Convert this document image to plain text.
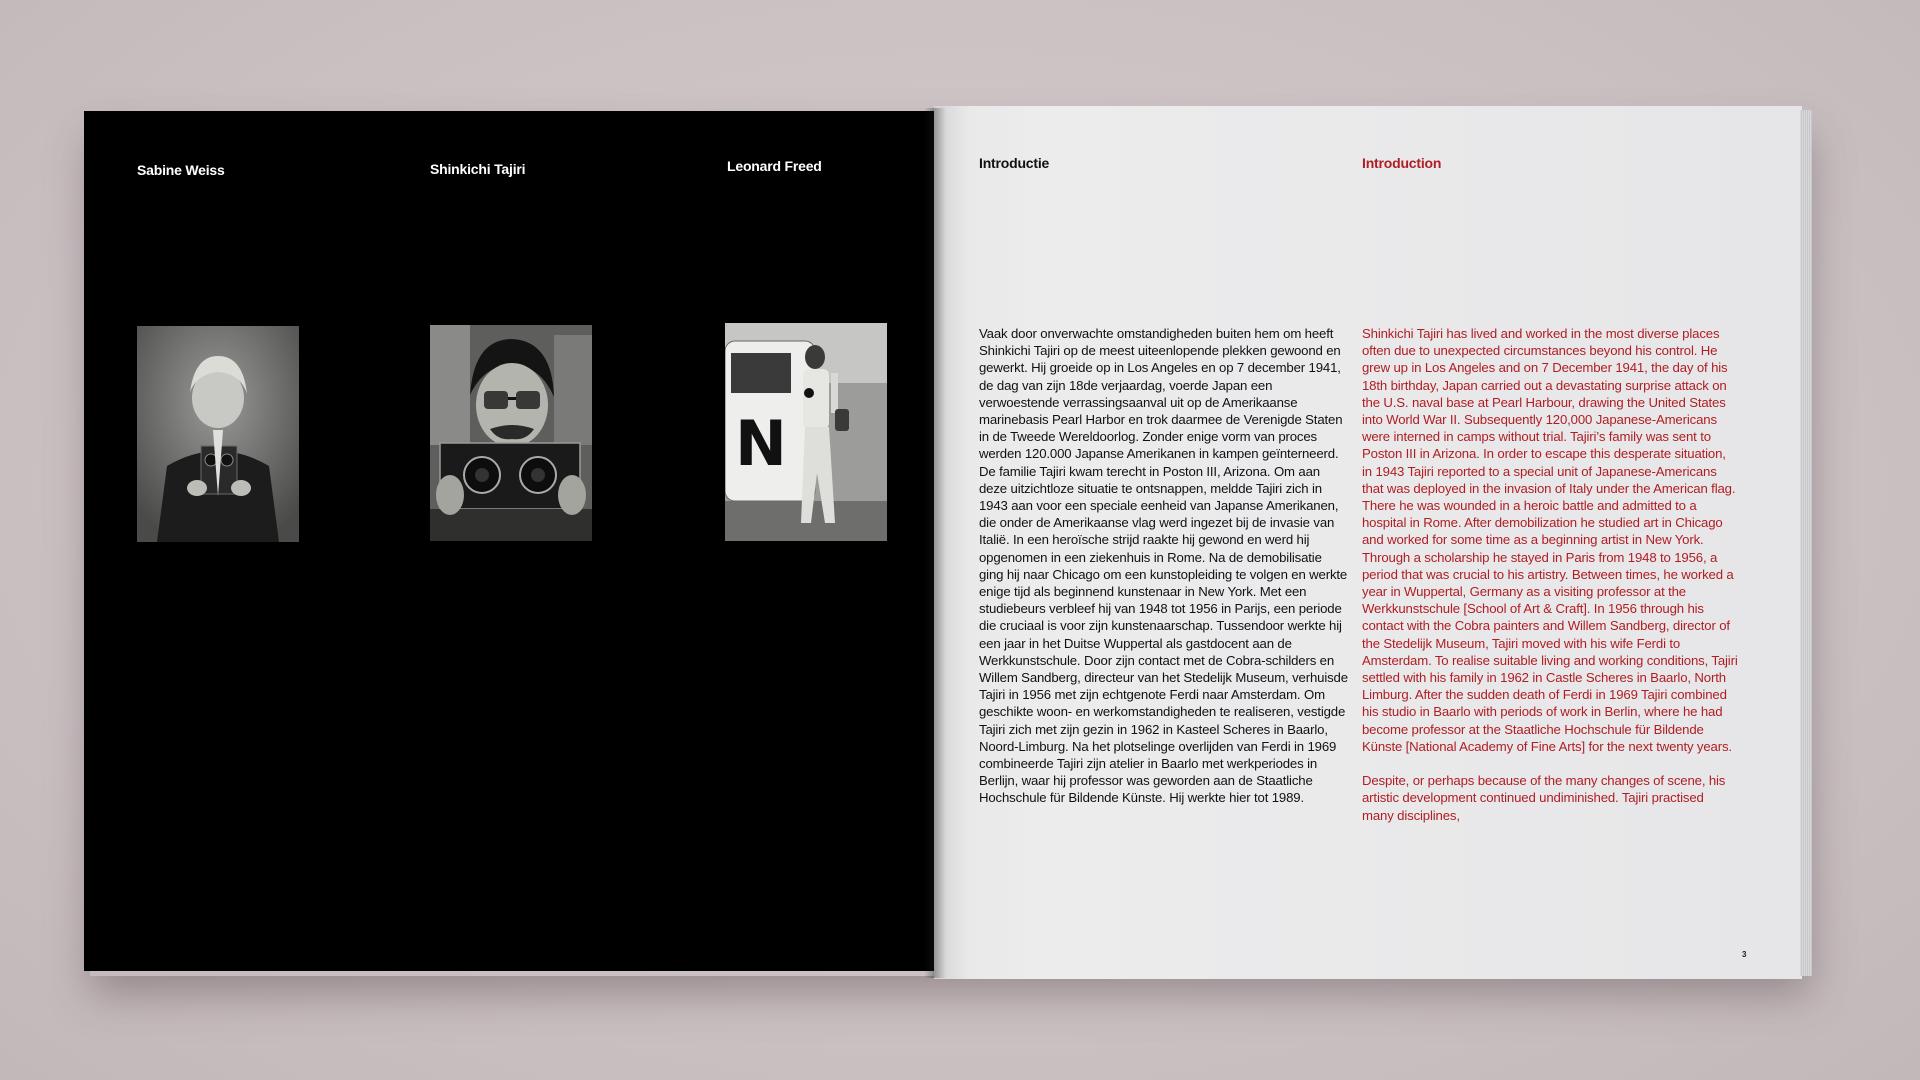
Sabine Weiss	Shinkichi Tajiri	Leonard Freed
N
Introductie	Introduction

Vaak door onverwachte omstandigheden buiten hem om heeft Shinkichi Tajiri op de meest uiteenlopende plekken gewoond en gewerkt. Hij groeide op in Los Angeles en op 7 december 1941, de dag van zijn 18de verjaardag, voerde Japan een verwoestende verrassingsaanval uit op de Amerikaanse marinebasis Pearl Harbor en trok daarmee de Verenigde Staten in de Tweede Wereldoorlog. Zonder enige vorm van proces werden 120.000 Japanse Amerikanen in kampen geïnterneerd. De familie Tajiri kwam terecht in Poston III, Arizona. Om aan deze uitzichtloze situatie te ontsnappen, meldde Tajiri zich in 1943 aan voor een speciale eenheid van Japanse Amerikanen, die onder de Amerikaanse vlag werd ingezet bij de invasie van Italië. In een heroïsche strijd raakte hij gewond en werd hij opgenomen in een ziekenhuis in Rome. Na de demobilisatie ging hij naar Chicago om een kunstopleiding te volgen en werkte enige tijd als beginnend kunstenaar in New York. Met een studiebeurs verbleef hij van 1948 tot 1956 in Parijs, een periode die cruciaal is voor zijn kunstenaarschap. Tussendoor werkte hij een jaar in het Duitse Wuppertal als gastdocent aan de Werkkunstschule. Door zijn contact met de Cobra-schilders en Willem Sandberg, directeur van het Stedelijk Museum, verhuisde Tajiri in 1956 met zijn echtgenote Ferdi naar Amsterdam. Om geschikte woon- en werkomstandigheden te realiseren, vestigde Tajiri zich met zijn gezin in 1962 in Kasteel Scheres in Baarlo, Noord-Limburg. Na het plotselinge overlijden van Ferdi in 1969 combineerde Tajiri zijn atelier in Baarlo met werkperiodes in Berlijn, waar hij professor was geworden aan de Staatliche Hochschule für Bildende Künste. Hij werkte hier tot 1989.

Shinkichi Tajiri has lived and worked in the most diverse places often due to unexpected circumstances beyond his control. He grew up in Los Angeles and on 7 December 1941, the day of his 18th birthday, Japan carried out a devastating surprise attack on the U.S. naval base at Pearl Harbour, drawing the United States into World War II. Subsequently 120,000 Japanese-Americans were interned in camps without trial. Tajiri’s family was sent to Poston III in Arizona. In order to escape this desperate situation, in 1943 Tajiri reported to a special unit of Japanese-Americans that was deployed in the invasion of Italy under the American flag. There he was wounded in a heroic battle and admitted to a hospital in Rome. After demobilization he studied art in Chicago and worked for some time as a beginning artist in New York. Through a scholarship he stayed in Paris from 1948 to 1956, a period that was crucial to his artistry. Between times, he worked a year in Wuppertal, Germany as a visiting professor at the Werkkunstschule [School of Art & Craft]. In 1956 through his contact with the Cobra painters and Willem Sandberg, director of the Stedelijk Museum, Tajiri moved with his wife Ferdi to Amsterdam. To realise suitable living and working conditions, Tajiri settled with his family in 1962 in Castle Scheres in Baarlo, North Limburg. After the sudden death of Ferdi in 1969 Tajiri combined his studio in Baarlo with periods of work in Berlin, where he had become professor at the Staatliche Hochschule für Bildende Künste [National Academy of Fine Arts] for the next twenty years.

Despite, or perhaps because of the many changes of scene, his artistic development continued undiminished. Tajiri practised many disciplines,

3
